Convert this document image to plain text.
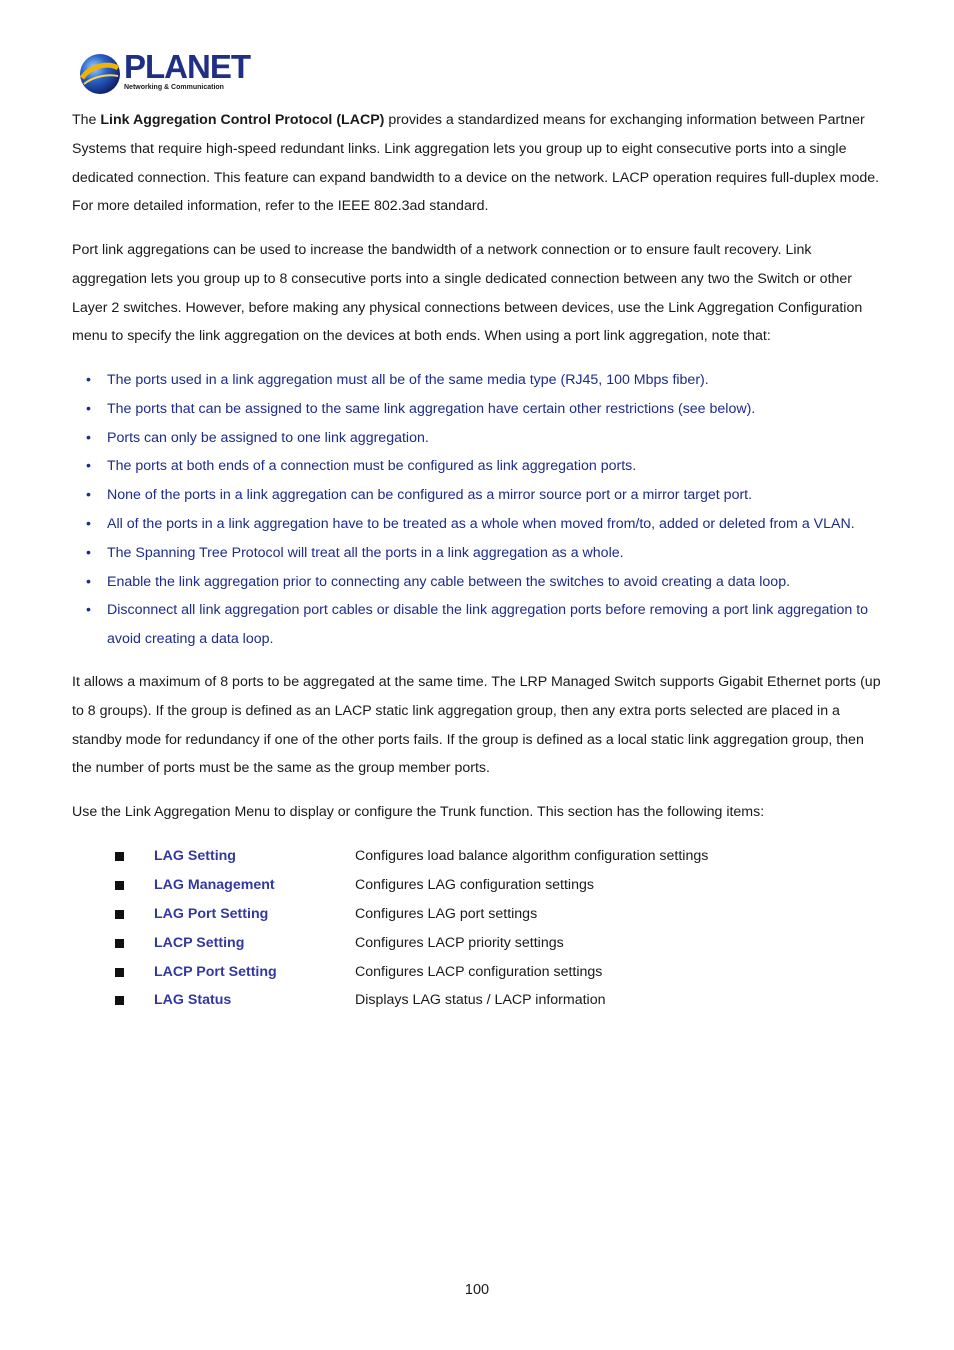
PLANET
Networking & Communication

The Link Aggregation Control Protocol (LACP) provides a standardized means for exchanging information between Partner Systems that require high-speed redundant links. Link aggregation lets you group up to eight consecutive ports into a single dedicated connection. This feature can expand bandwidth to a device on the network. LACP operation requires full-duplex mode. For more detailed information, refer to the IEEE 802.3ad standard.

Port link aggregations can be used to increase the bandwidth of a network connection or to ensure fault recovery. Link aggregation lets you group up to 8 consecutive ports into a single dedicated connection between any two the Switch or other Layer 2 switches. However, before making any physical connections between devices, use the Link Aggregation Configuration menu to specify the link aggregation on the devices at both ends. When using a port link aggregation, note that:

• The ports used in a link aggregation must all be of the same media type (RJ45, 100 Mbps fiber).
• The ports that can be assigned to the same link aggregation have certain other restrictions (see below).
• Ports can only be assigned to one link aggregation.
• The ports at both ends of a connection must be configured as link aggregation ports.
• None of the ports in a link aggregation can be configured as a mirror source port or a mirror target port.
• All of the ports in a link aggregation have to be treated as a whole when moved from/to, added or deleted from a VLAN.
• The Spanning Tree Protocol will treat all the ports in a link aggregation as a whole.
• Enable the link aggregation prior to connecting any cable between the switches to avoid creating a data loop.
• Disconnect all link aggregation port cables or disable the link aggregation ports before removing a port link aggregation to avoid creating a data loop.

It allows a maximum of 8 ports to be aggregated at the same time. The LRP Managed Switch supports Gigabit Ethernet ports (up to 8 groups). If the group is defined as an LACP static link aggregation group, then any extra ports selected are placed in a standby mode for redundancy if one of the other ports fails. If the group is defined as a local static link aggregation group, then the number of ports must be the same as the group member ports.

Use the Link Aggregation Menu to display or configure the Trunk function. This section has the following items:

LAG Setting	Configures load balance algorithm configuration settings
LAG Management	Configures LAG configuration settings
LAG Port Setting	Configures LAG port settings
LACP Setting	Configures LACP priority settings
LACP Port Setting	Configures LACP configuration settings
LAG Status	Displays LAG status / LACP information
100
